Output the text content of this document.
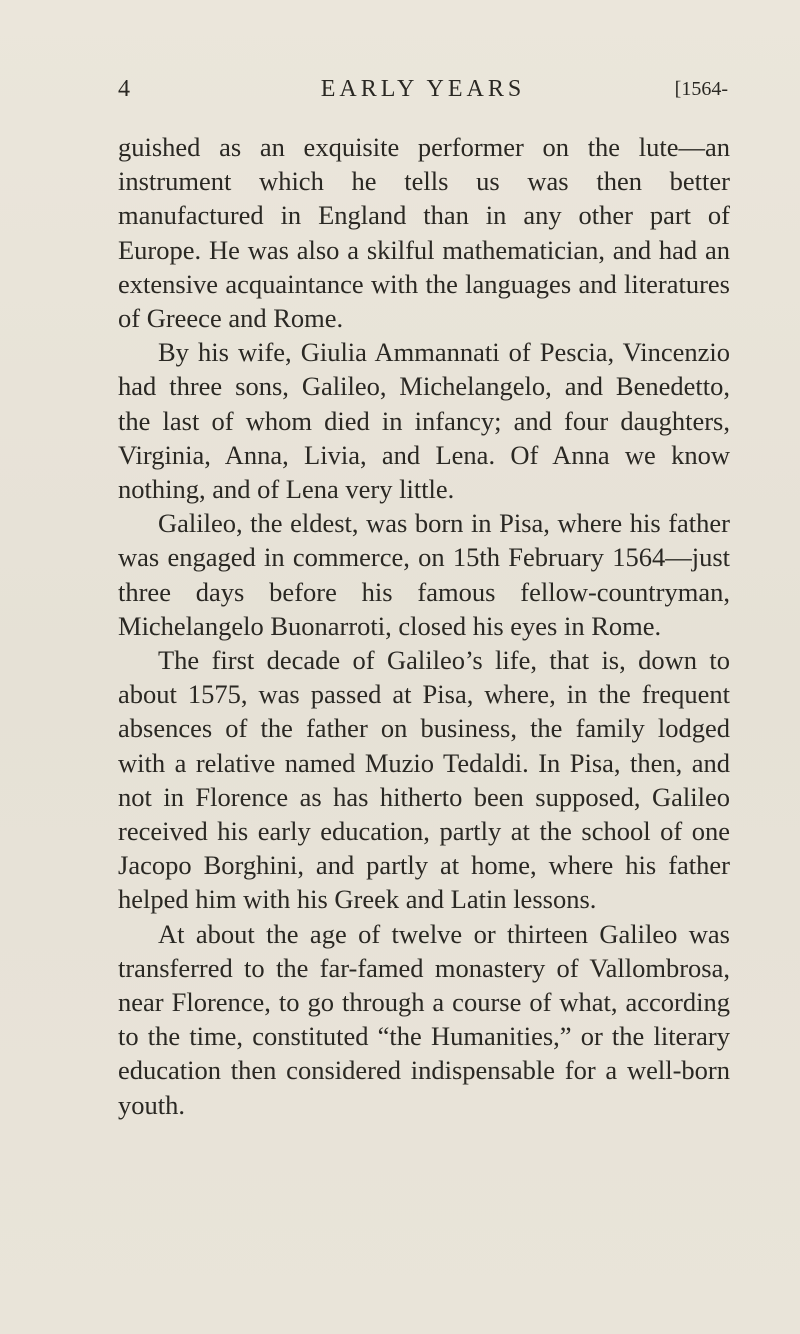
4	EARLY YEARS	[1564-

guished as an exquisite performer on the lute—an instrument which he tells us was then better manufactured in England than in any other part of Europe. He was also a skilful mathematician, and had an extensive acquaintance with the languages and literatures of Greece and Rome.

By his wife, Giulia Ammannati of Pescia, Vincenzio had three sons, Galileo, Michelangelo, and Benedetto, the last of whom died in infancy; and four daughters, Virginia, Anna, Livia, and Lena. Of Anna we know nothing, and of Lena very little.

Galileo, the eldest, was born in Pisa, where his father was engaged in commerce, on 15th February 1564—just three days before his famous fellow-countryman, Michelangelo Buonarroti, closed his eyes in Rome.

The first decade of Galileo’s life, that is, down to about 1575, was passed at Pisa, where, in the frequent absences of the father on business, the family lodged with a relative named Muzio Tedaldi. In Pisa, then, and not in Florence as has hitherto been supposed, Galileo received his early education, partly at the school of one Jacopo Borghini, and partly at home, where his father helped him with his Greek and Latin lessons.

At about the age of twelve or thirteen Galileo was transferred to the far-famed monastery of Vallombrosa, near Florence, to go through a course of what, according to the time, constituted “the Humanities,” or the literary education then considered indispensable for a well-born youth.
